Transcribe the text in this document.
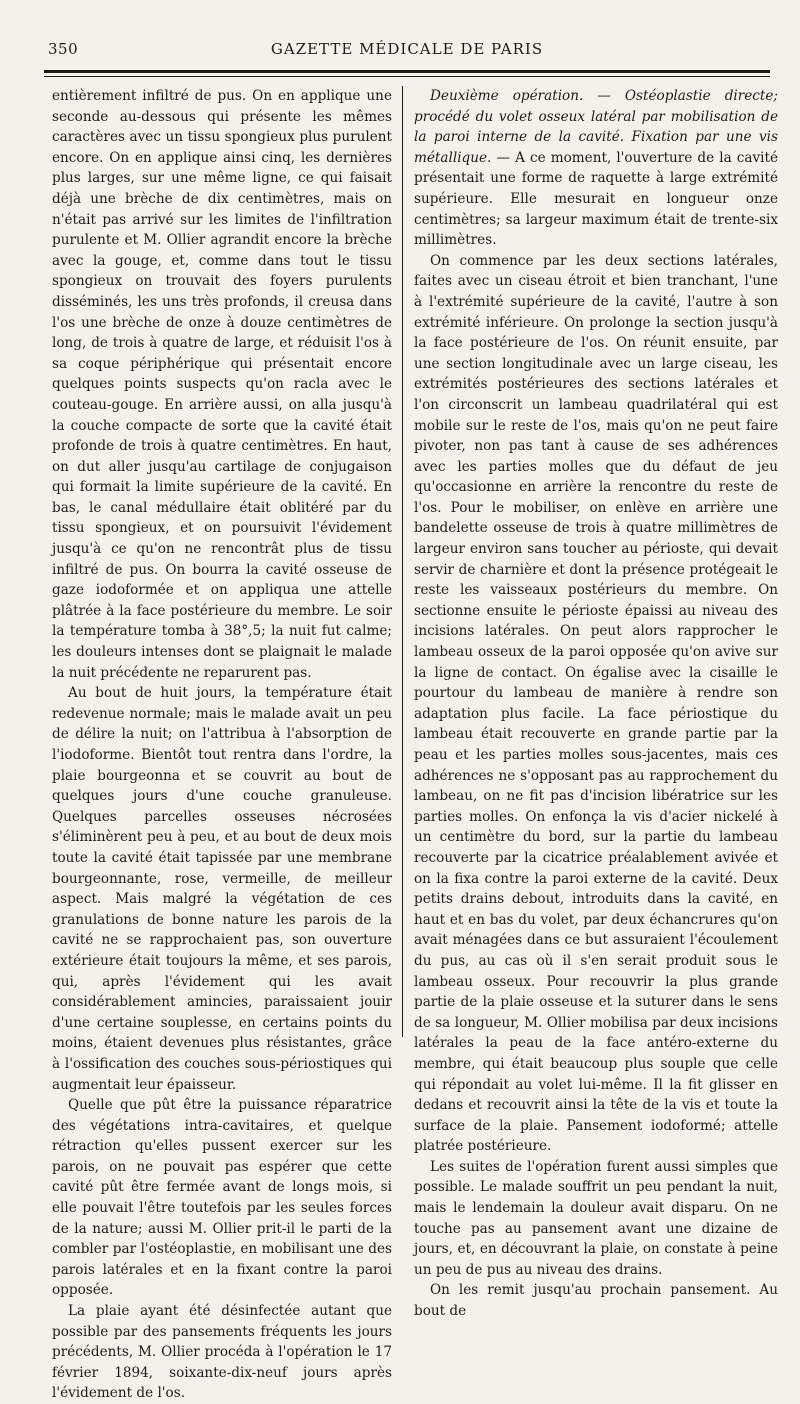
350	GAZETTE MÉDICALE DE PARIS

entièrement infiltré de pus. On en applique une seconde au-dessous qui présente les mêmes caractères avec un tissu spongieux plus purulent encore. On en applique ainsi cinq, les dernières plus larges, sur une même ligne, ce qui faisait déjà une brèche de dix centimètres, mais on n'était pas arrivé sur les limites de l'infiltration purulente et M. Ollier agrandit encore la brèche avec la gouge, et, comme dans tout le tissu spongieux on trouvait des foyers purulents disséminés, les uns très profonds, il creusa dans l'os une brèche de onze à douze centimètres de long, de trois à quatre de large, et réduisit l'os à sa coque périphérique qui présentait encore quelques points suspects qu'on racla avec le couteau-gouge. En arrière aussi, on alla jusqu'à la couche compacte de sorte que la cavité était profonde de trois à quatre centimètres. En haut, on dut aller jusqu'au cartilage de conjugaison qui formait la limite supérieure de la cavité. En bas, le canal médullaire était oblitéré par du tissu spongieux, et on poursuivit l'évidement jusqu'à ce qu'on ne rencontrât plus de tissu infiltré de pus. On bourra la cavité osseuse de gaze iodoformée et on appliqua une attelle plâtrée à la face postérieure du membre. Le soir la température tomba à 38°,5; la nuit fut calme; les douleurs intenses dont se plaignait le malade la nuit précédente ne reparurent pas.

Au bout de huit jours, la température était redevenue normale; mais le malade avait un peu de délire la nuit; on l'attribua à l'absorption de l'iodoforme. Bientôt tout rentra dans l'ordre, la plaie bourgeonna et se couvrit au bout de quelques jours d'une couche granuleuse. Quelques parcelles osseuses nécrosées s'éliminèrent peu à peu, et au bout de deux mois toute la cavité était tapissée par une membrane bourgeonnante, rose, vermeille, de meilleur aspect. Mais malgré la végétation de ces granulations de bonne nature les parois de la cavité ne se rapprochaient pas, son ouverture extérieure était toujours la même, et ses parois, qui, après l'évidement qui les avait considérablement amincies, paraissaient jouir d'une certaine souplesse, en certains points du moins, étaient devenues plus résistantes, grâce à l'ossification des couches sous-périostiques qui augmentait leur épaisseur.

Quelle que pût être la puissance réparatrice des végétations intra-cavitaires, et quelque rétraction qu'elles pussent exercer sur les parois, on ne pouvait pas espérer que cette cavité pût être fermée avant de longs mois, si elle pouvait l'être toutefois par les seules forces de la nature; aussi M. Ollier prit-il le parti de la combler par l'ostéoplastie, en mobilisant une des parois latérales et en la fixant contre la paroi opposée.

La plaie ayant été désinfectée autant que possible par des pansements fréquents les jours précédents, M. Ollier procéda à l'opération le 17 février 1894, soixante-dix-neuf jours après l'évidement de l'os.

Deuxième opération. — Ostéoplastie directe; procédé du volet osseux latéral par mobilisation de la paroi interne de la cavité. Fixation par une vis métallique. — A ce moment, l'ouverture de la cavité présentait une forme de raquette à large extrémité supérieure. Elle mesurait en longueur onze centimètres; sa largeur maximum était de trente-six millimètres.

On commence par les deux sections latérales, faites avec un ciseau étroit et bien tranchant, l'une à l'extrémité supérieure de la cavité, l'autre à son extrémité inférieure. On prolonge la section jusqu'à la face postérieure de l'os. On réunit ensuite, par une section longitudinale avec un large ciseau, les extrémités postérieures des sections latérales et l'on circonscrit un lambeau quadrilatéral qui est mobile sur le reste de l'os, mais qu'on ne peut faire pivoter, non pas tant à cause de ses adhérences avec les parties molles que du défaut de jeu qu'occasionne en arrière la rencontre du reste de l'os. Pour le mobiliser, on enlève en arrière une bandelette osseuse de trois à quatre millimètres de largeur environ sans toucher au périoste, qui devait servir de charnière et dont la présence protégeait le reste les vaisseaux postérieurs du membre. On sectionne ensuite le périoste épaissi au niveau des incisions latérales. On peut alors rapprocher le lambeau osseux de la paroi opposée qu'on avive sur la ligne de contact. On égalise avec la cisaille le pourtour du lambeau de manière à rendre son adaptation plus facile. La face périostique du lambeau était recouverte en grande partie par la peau et les parties molles sous-jacentes, mais ces adhérences ne s'opposant pas au rapprochement du lambeau, on ne fit pas d'incision libératrice sur les parties molles. On enfonça la vis d'acier nickelé à un centimètre du bord, sur la partie du lambeau recouverte par la cicatrice préalablement avivée et on la fixa contre la paroi externe de la cavité. Deux petits drains debout, introduits dans la cavité, en haut et en bas du volet, par deux échancrures qu'on avait ménagées dans ce but assuraient l'écoulement du pus, au cas où il s'en serait produit sous le lambeau osseux. Pour recouvrir la plus grande partie de la plaie osseuse et la suturer dans le sens de sa longueur, M. Ollier mobilisa par deux incisions latérales la peau de la face antéro-externe du membre, qui était beaucoup plus souple que celle qui répondait au volet lui-même. Il la fit glisser en dedans et recouvrit ainsi la tête de la vis et toute la surface de la plaie. Pansement iodoformé; attelle platrée postérieure.

Les suites de l'opération furent aussi simples que possible. Le malade souffrit un peu pendant la nuit, mais le lendemain la douleur avait disparu. On ne touche pas au pansement avant une dizaine de jours, et, en découvrant la plaie, on constate à peine un peu de pus au niveau des drains.

On les remit jusqu'au prochain pansement. Au bout de
